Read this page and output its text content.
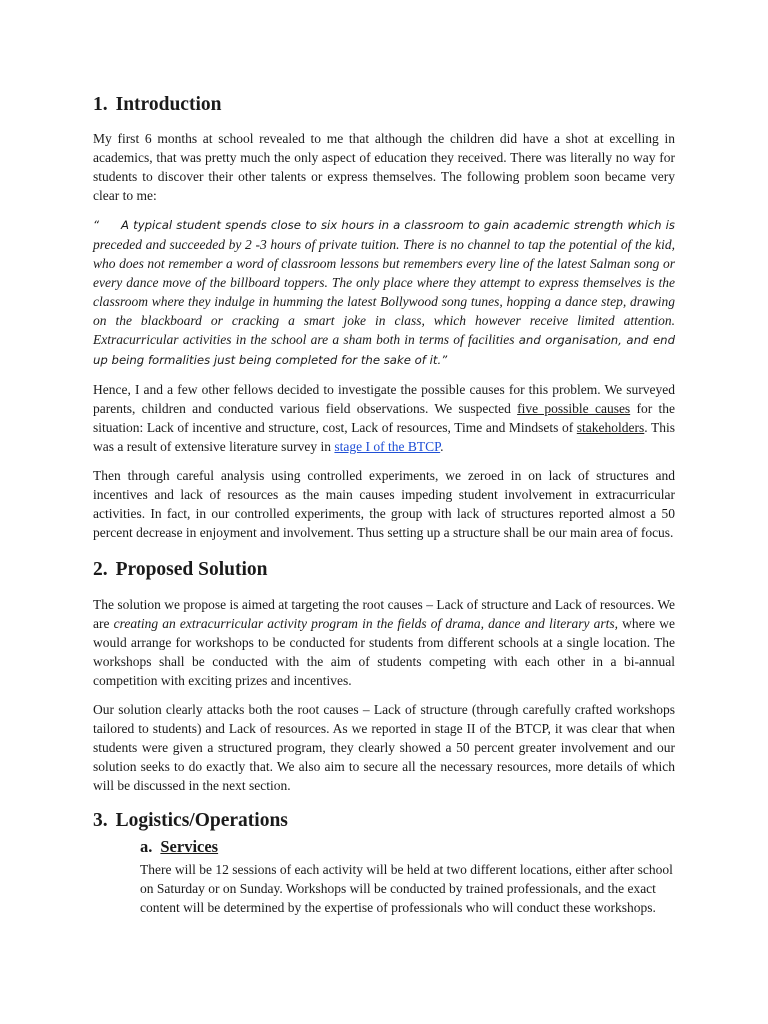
1. Introduction

My first 6 months at school revealed to me that although the children did have a shot at excelling in academics, that was pretty much the only aspect of education they received. There was literally no way for students to discover their other talents or express themselves. The following problem soon became very clear to me:

“ A typical student spends close to six hours in a classroom to gain academic strength which is preceded and succeeded by 2 -3 hours of private tuition. There is no channel to tap the potential of the kid, who does not remember a word of classroom lessons but remembers every line of the latest Salman song or every dance move of the billboard toppers. The only place where they attempt to express themselves is the classroom where they indulge in humming the latest Bollywood song tunes, hopping a dance step, drawing on the blackboard or cracking a smart joke in class, which however receive limited attention. Extracurricular activities in the school are a sham both in terms of facilities and organisation, and end up being formalities just being completed for the sake of it.”

Hence, I and a few other fellows decided to investigate the possible causes for this problem. We surveyed parents, children and conducted various field observations. We suspected five possible causes for the situation: Lack of incentive and structure, cost, Lack of resources, Time and Mindsets of stakeholders. This was a result of extensive literature survey in stage I of the BTCP.

Then through careful analysis using controlled experiments, we zeroed in on lack of structures and incentives and lack of resources as the main causes impeding student involvement in extracurricular activities. In fact, in our controlled experiments, the group with lack of structures reported almost a 50 percent decrease in enjoyment and involvement. Thus setting up a structure shall be our main area of focus.

2. Proposed Solution

The solution we propose is aimed at targeting the root causes – Lack of structure and Lack of resources. We are creating an extracurricular activity program in the fields of drama, dance and literary arts, where we would arrange for workshops to be conducted for students from different schools at a single location. The workshops shall be conducted with the aim of students competing with each other in a bi-annual competition with exciting prizes and incentives.

Our solution clearly attacks both the root causes – Lack of structure (through carefully crafted workshops tailored to students) and Lack of resources. As we reported in stage II of the BTCP, it was clear that when students were given a structured program, they clearly showed a 50 percent greater involvement and our solution seeks to do exactly that. We also aim to secure all the necessary resources, more details of which will be discussed in the next section.

3. Logistics/Operations
a. Services

There will be 12 sessions of each activity will be held at two different locations, either after school on Saturday or on Sunday. Workshops will be conducted by trained professionals, and the exact content will be determined by the expertise of professionals who will conduct these workshops.
